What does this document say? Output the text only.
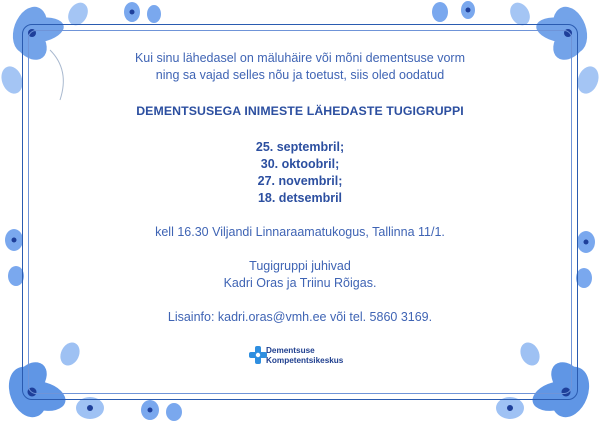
Kui sinu lähedasel on mäluhäire või mõni dementsuse vorm
ning sa vajad selles nõu ja toetust, siis oled oodatud
DEMENTSUSEGA INIMESTE LÄHEDASTE TUGIGRUPPI
25. septembril;
30. oktoobril;
27. novembril;
18. detsembril
kell 16.30 Viljandi Linnaraamatukogus, Tallinna 11/1.
Tugigruppi juhivad
Kadri Oras ja Triinu Rõigas.
Lisainfo: kadri.oras@vmh.ee või tel. 5860 3169.
Dementsuse
Kompetentsikeskus
